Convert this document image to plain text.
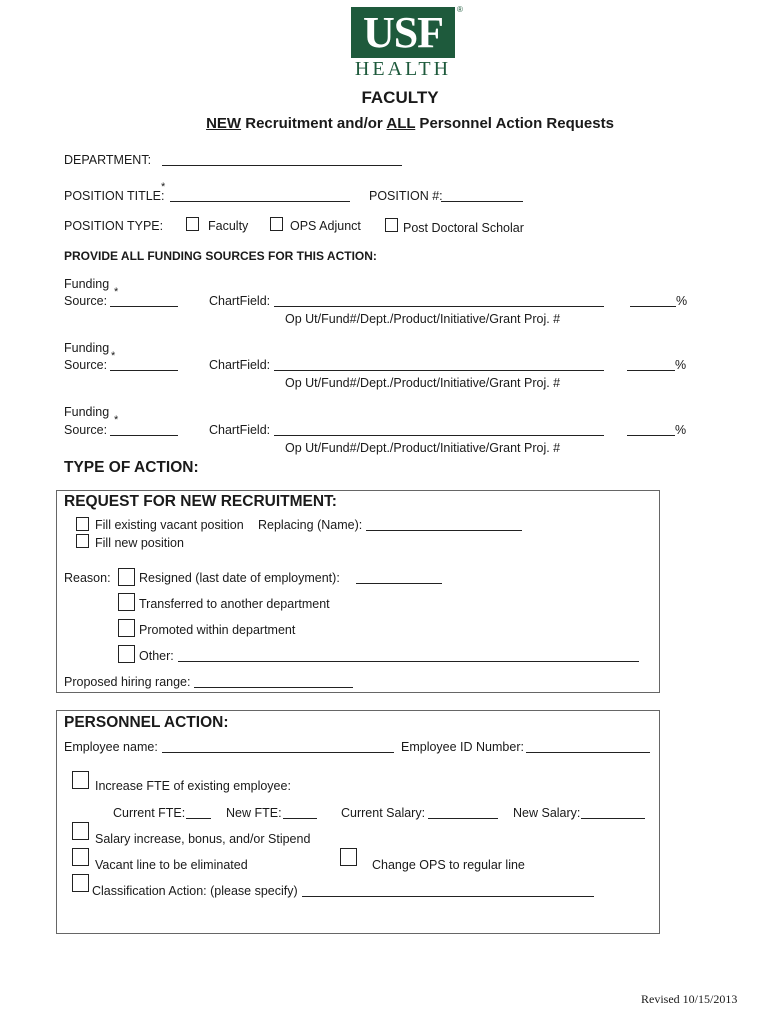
USF	®
HEALTH
FACULTY
NEW Recruitment and/or ALL Personnel Action Requests
DEPARTMENT:
POSITION TITLE:
*
POSITION #:
POSITION TYPE:	Faculty	OPS Adjunct	Post Doctoral Scholar
PROVIDE ALL FUNDING SOURCES FOR THIS ACTION:
Funding
*
Source:	ChartField:
Op Ut/Fund#/Dept./Product/Initiative/Grant Proj. #
%
Funding
*
Source:	ChartField:
Op Ut/Fund#/Dept./Product/Initiative/Grant Proj. #
%
Funding
*
Source:	ChartField:
Op Ut/Fund#/Dept./Product/Initiative/Grant Proj. #
%
TYPE OF ACTION:
REQUEST FOR NEW RECRUITMENT:
Fill existing vacant position Replacing (Name):
Fill new position
Reason: Resigned (last date of employment):
Transferred to another department
Promoted within department
Other:
Proposed hiring range:
PERSONNEL ACTION:
Employee name:	Employee ID Number:
Increase FTE of existing employee:
Current FTE:	New FTE:	Current Salary:	New Salary:
Salary increase, bonus, and/or Stipend
Vacant line to be eliminated	Change OPS to regular line
Classification Action: (please specify)
Revised 10/15/2013
